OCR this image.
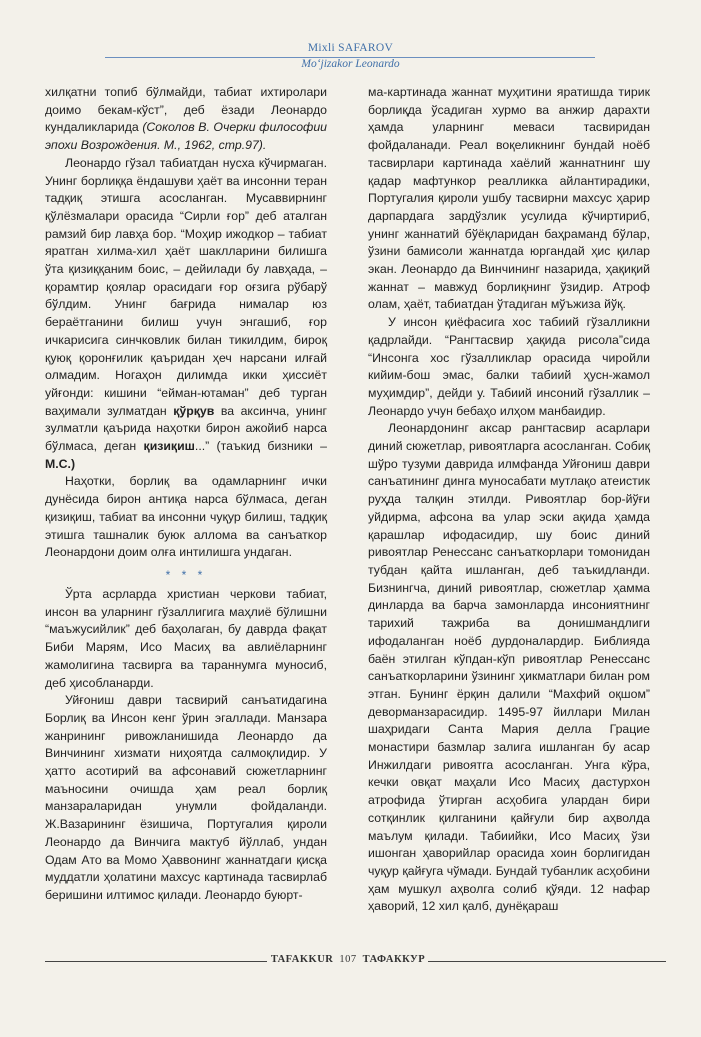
Mixli SAFAROV
Mo‘jizakor Leonardo

хилқатни топиб бўлмайди, табиат ихтиролари доимо бекам-кўст”, деб ёзади Леонардо кундаликларида (Соколов В. Очерки философии эпохи Возрождения. М., 1962, стр.97).

Леонардо гўзал табиатдан нусха кўчирмаган. Унинг борлиққа ёндашуви ҳаёт ва инсонни теран тадқиқ этишга асосланган. Мусаввирнинг қўлёзмалари орасида “Сирли ғор” деб аталган рамзий бир лавҳа бор. “Моҳир ижодкор – табиат яратган хилма-хил ҳаёт шаклларини билишга ўта қизиққаним боис, – дейилади бу лавҳада, – қорамтир қоялар орасидаги ғор оғзига рўбарў бўлдим. Унинг бағрида нималар юз бераётганини билиш учун энгашиб, ғор ичкарисига синчковлик билан тикилдим, бироқ қуюқ қоронғилик қаъридан ҳеч нарсани илғай олмадим. Ногаҳон дилимда икки ҳиссиёт уйғонди: кишини “ейман-ютаман” деб турган ваҳимали зулматдан қўрқув ва аксинча, унинг зулматли қаърида наҳотки бирон ажойиб нарса бўлмаса, деган қизиқиш...” (таъкид бизники – М.С.)

Наҳотки, борлиқ ва одамларнинг ички дунёсида бирон антиқа нарса бўлмаса, деган қизиқиш, табиат ва инсонни чуқур билиш, тадқиқ этишга ташналик буюк аллома ва санъаткор Леонардони доим олға интилишга ундаган.

* * *

Ўрта асрларда христиан черкови табиат, инсон ва уларнинг гўзаллигига маҳлиё бўлишни “маъжусийлик” деб баҳолаган, бу даврда фақат Биби Марям, Исо Масиҳ ва авлиёларнинг жамолигина тасвирга ва тараннумга муносиб, деб ҳисобланарди.

Уйғониш даври тасвирий санъатидагина Борлиқ ва Инсон кенг ўрин эгаллади. Манзара жанрининг ривожланишида Леонардо да Винчининг хизмати ниҳоятда салмоқлидир. У ҳатто асотирий ва афсонавий сюжетларнинг маъносини очишда ҳам реал борлиқ манзараларидан унумли фойдаланди. Ж.Вазарининг ёзишича, Португалия қироли Леонардо да Винчига мактуб йўллаб, ундан Одам Ато ва Момо Ҳаввонинг жаннатдаги қисқа муддатли ҳолатини махсус картинада тасвирлаб беришини илтимос қилади. Леонардо буюрт-

ма-картинада жаннат муҳитини яратишда тирик борлиқда ўсадиган хурмо ва анжир дарахти ҳамда уларнинг меваси тасвиридан фойдаланади. Реал воқеликнинг бундай ноёб тасвирлари картинада хаёлий жаннатнинг шу қадар мафтункор реалликка айлантирадики, Португалия қироли ушбу тасвирни махсус ҳарир дарпардага зардўзлик усулида кўчиртириб, унинг жаннатий бўёқларидан баҳраманд бўлар, ўзини бамисоли жаннатда юргандай ҳис қилар экан. Леонардо да Винчининг назарида, ҳақиқий жаннат – мавжуд борлиқнинг ўзидир. Атроф олам, ҳаёт, табиатдан ўтадиган мўъжиза йўқ.

У инсон қиёфасига хос табиий гўзалликни қадрлайди. “Рангтасвир ҳақида рисола”сида “Инсонга хос гўзалликлар орасида чиройли кийим-бош эмас, балки табиий ҳусн-жамол муҳимдир”, дейди у. Табиий инсоний гўзаллик – Леонардо учун бебаҳо илҳом манбаидир.

Леонардонинг аксар рангтасвир асарлари диний сюжетлар, ривоятларга асосланган. Собиқ шўро тузуми даврида илмфанда Уйғониш даври санъатининг динга муносабати мутлақо атеистик руҳда талқин этилди. Ривоятлар бор-йўғи уйдирма, афсона ва улар эски ақида ҳамда қарашлар ифодасидир, шу боис диний ривоятлар Ренессанс санъаткорлари томонидан тубдан қайта ишланган, деб таъкидланди. Бизнингча, диний ривоятлар, сюжетлар ҳамма динларда ва барча замонларда инсониятнинг тарихий тажриба ва донишмандлиги ифодаланган ноёб дурдоналардир. Библияда баён этилган кўпдан-кўп ривоятлар Ренессанс санъаткорларини ўзининг ҳикматлари билан ром этган. Бунинг ёрқин далили “Махфий оқшом” деворманзарасидир. 1495-97 йиллари Милан шаҳридаги Санта Мария делла Грацие монастири базмлар залига ишланган бу асар Инжилдаги ривоятга асосланган. Унга кўра, кечки овқат маҳали Исо Масиҳ дастурхон атрофида ўтирган асҳобига улардан бири сотқинлик қилганини қайғули бир аҳволда маълум қилади. Табиийки, Исо Масиҳ ўзи ишонган ҳаворийлар орасида хоин борлигидан чуқур қайғуга чўмади. Бундай тубанлик асҳобини ҳам мушкул аҳволга солиб қўяди. 12 нафар ҳаворий, 12 хил қалб, дунёқараш

TAFAKKUR 107 ТАФАККУР
